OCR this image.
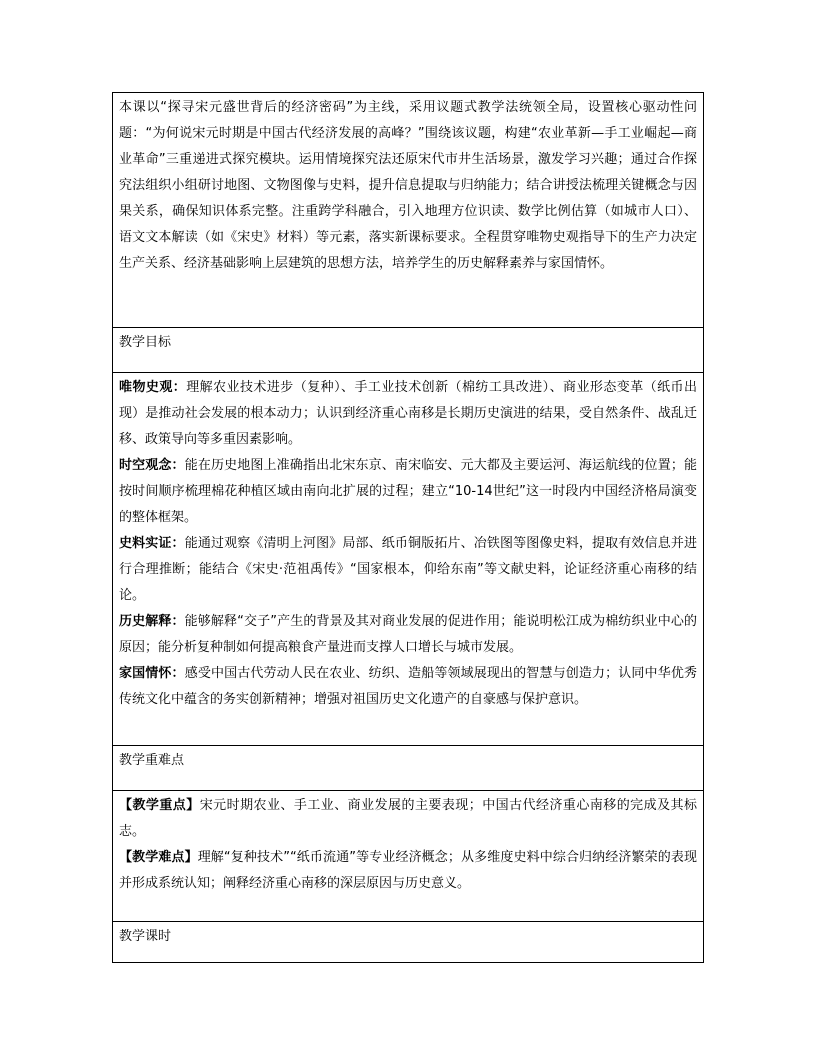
本课以“探寻宋元盛世背后的经济密码”为主线，采用议题式教学法统领全局，设置核心驱动性问题：“为何说宋元时期是中国古代经济发展的高峰？”围绕该议题，构建“农业革新—手工业崛起—商业革命”三重递进式探究模块。运用情境探究法还原宋代市井生活场景，激发学习兴趣；通过合作探究法组织小组研讨地图、文物图像与史料，提升信息提取与归纳能力；结合讲授法梳理关键概念与因果关系，确保知识体系完整。注重跨学科融合，引入地理方位识读、数学比例估算（如城市人口）、语文文本解读（如《宋史》材料）等元素，落实新课标要求。全程贯穿唯物史观指导下的生产力决定生产关系、经济基础影响上层建筑的思想方法，培养学生的历史解释素养与家国情怀。

教学目标

唯物史观：理解农业技术进步（复种）、手工业技术创新（棉纺工具改进）、商业形态变革（纸币出现）是推动社会发展的根本动力；认识到经济重心南移是长期历史演进的结果，受自然条件、战乱迁移、政策导向等多重因素影响。

时空观念：能在历史地图上准确指出北宋东京、南宋临安、元大都及主要运河、海运航线的位置；能按时间顺序梳理棉花种植区域由南向北扩展的过程；建立“10-14世纪”这一时段内中国经济格局演变的整体框架。

史料实证：能通过观察《清明上河图》局部、纸币铜版拓片、冶铁图等图像史料，提取有效信息并进行合理推断；能结合《宋史·范祖禹传》“国家根本，仰给东南”等文献史料，论证经济重心南移的结论。

历史解释：能够解释“交子”产生的背景及其对商业发展的促进作用；能说明松江成为棉纺织业中心的原因；能分析复种制如何提高粮食产量进而支撑人口增长与城市发展。

家国情怀：感受中国古代劳动人民在农业、纺织、造船等领域展现出的智慧与创造力；认同中华优秀传统文化中蕴含的务实创新精神；增强对祖国历史文化遗产的自豪感与保护意识。

教学重难点

【教学重点】宋元时期农业、手工业、商业发展的主要表现；中国古代经济重心南移的完成及其标志。

【教学难点】理解“复种技术”“纸币流通”等专业经济概念；从多维度史料中综合归纳经济繁荣的表现并形成系统认知；阐释经济重心南移的深层原因与历史意义。

教学课时
